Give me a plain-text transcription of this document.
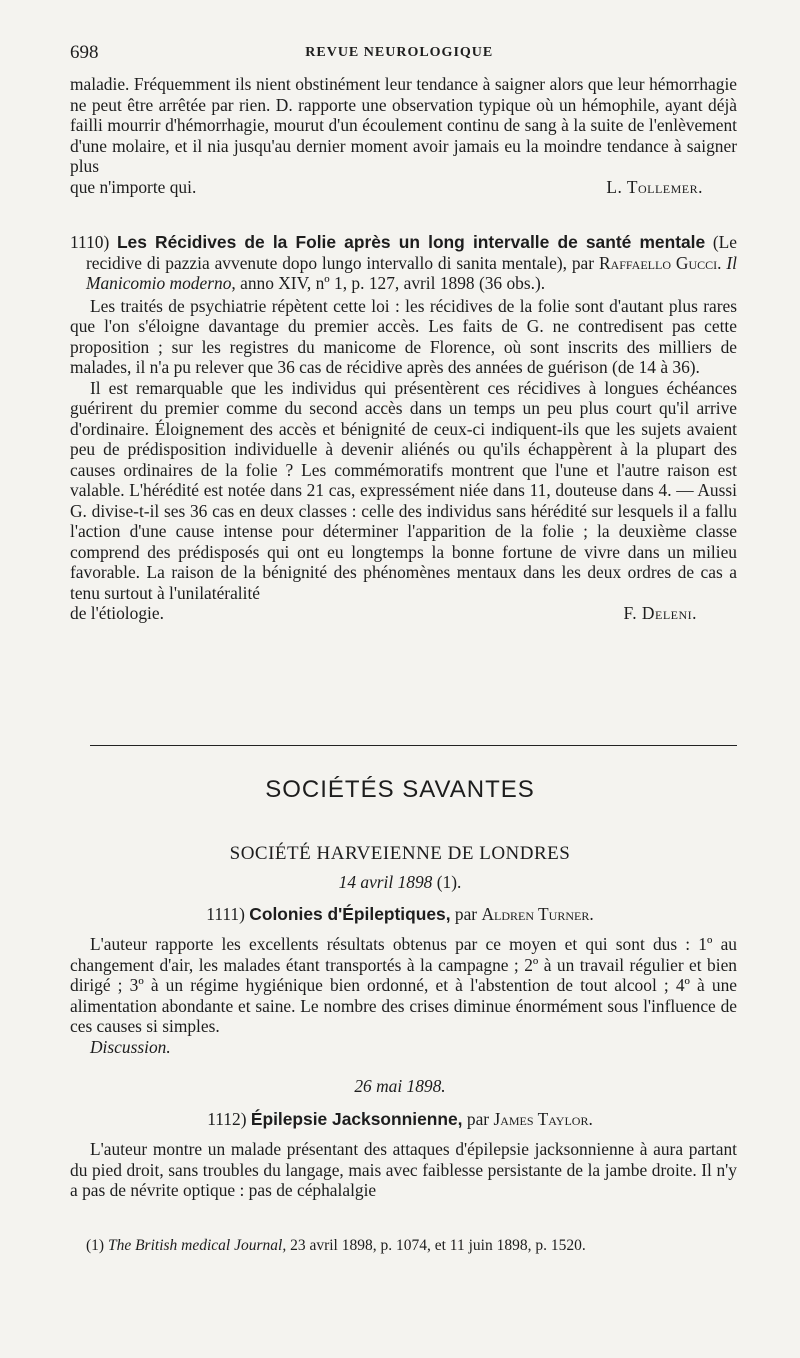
698	REVUE NEUROLOGIQUE
maladie. Fréquemment ils nient obstinément leur tendance à saigner alors que leur hémorrhagie ne peut être arrêtée par rien. D. rapporte une observation typique où un hémophile, ayant déjà failli mourrir d'hémorrhagie, mourut d'un écoulement continu de sang à la suite de l'enlèvement d'une molaire, et il nia jusqu'au dernier moment avoir jamais eu la moindre tendance à saigner plus
que n'importe qui.	L. Tollemer.
1110) Les Récidives de la Folie après un long intervalle de santé mentale (Le recidive di pazzia avvenute dopo lungo intervallo di sanita mentale), par Raffaello Gucci. Il Manicomio moderno, anno XIV, nº 1, p. 127, avril 1898 (36 obs.).
Les traités de psychiatrie répètent cette loi : les récidives de la folie sont d'autant plus rares que l'on s'éloigne davantage du premier accès. Les faits de G. ne contredisent pas cette proposition ; sur les registres du manicome de Florence, où sont inscrits des milliers de malades, il n'a pu relever que 36 cas de récidive après des années de guérison (de 14 à 36).
Il est remarquable que les individus qui présentèrent ces récidives à longues échéances guérirent du premier comme du second accès dans un temps un peu plus court qu'il arrive d'ordinaire. Éloignement des accès et bénignité de ceux-ci indiquent-ils que les sujets avaient peu de prédisposition individuelle à devenir aliénés ou qu'ils échappèrent à la plupart des causes ordinaires de la folie ? Les commémoratifs montrent que l'une et l'autre raison est valable. L'hérédité est notée dans 21 cas, expressément niée dans 11, douteuse dans 4. — Aussi G. divise-t-il ses 36 cas en deux classes : celle des individus sans hérédité sur lesquels il a fallu l'action d'une cause intense pour déterminer l'apparition de la folie ; la deuxième classe comprend des prédisposés qui ont eu longtemps la bonne fortune de vivre dans un milieu favorable. La raison de la bénignité des phénomènes mentaux dans les deux ordres de cas a tenu surtout à l'unilatéralité
de l'étiologie.	F. Deleni.
SOCIÉTÉS SAVANTES
SOCIÉTÉ HARVEIENNE DE LONDRES
14 avril 1898 (1).
1111) Colonies d'Épileptiques, par Aldren Turner.
L'auteur rapporte les excellents résultats obtenus par ce moyen et qui sont dus : 1º au changement d'air, les malades étant transportés à la campagne ; 2º à un travail régulier et bien dirigé ; 3º à un régime hygiénique bien ordonné, et à l'abstention de tout alcool ; 4º à une alimentation abondante et saine. Le nombre des crises diminue énormément sous l'influence de ces causes si simples.
Discussion.
26 mai 1898.
1112) Épilepsie Jacksonnienne, par James Taylor.
L'auteur montre un malade présentant des attaques d'épilepsie jacksonnienne à aura partant du pied droit, sans troubles du langage, mais avec faiblesse persistante de la jambe droite. Il n'y a pas de névrite optique : pas de céphalalgie
(1) The British medical Journal, 23 avril 1898, p. 1074, et 11 juin 1898, p. 1520.
